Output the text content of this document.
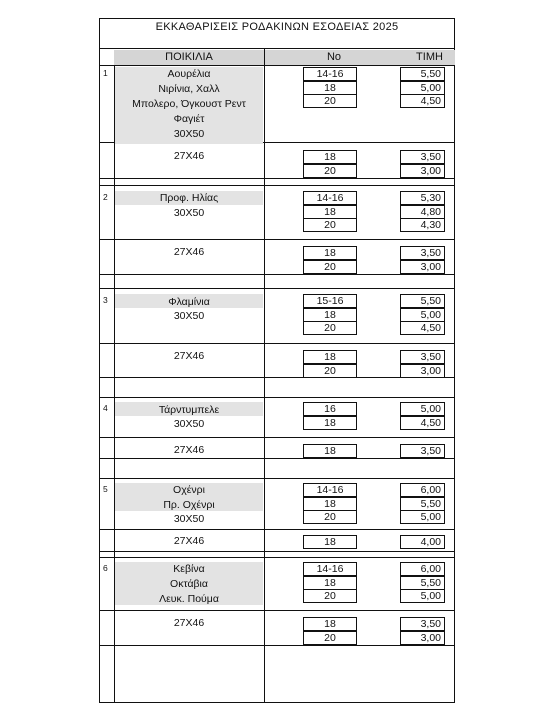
ΕΚΚΑΘΑΡΙΣΕΙΣ ΡΟΔΑΚΙΝΩΝ ΕΣΟΔΕΙΑΣ 2025
ΠΟΙΚΙΛΙΑ	No	ΤΙΜΗ
1	Αουρέλια
Νιρίνια, Χαλλ
Μπολερο, Όγκουστ Ρεντ
Φαγιέτ
30Χ50
14-16	5,50
18	5,00
20	4,50
27Χ46	18	3,50
20	3,00
2	Προφ. Ηλίας
30Χ50
14-16	5,30
18	4,80
20	4,30
27Χ46	18	3,50
20	3,00
3	Φλαμίνια
30Χ50
15-16	5,50
18	5,00
20	4,50
27Χ46	18	3,50
20	3,00
4	Τάρντυμπελε
30Χ50
16	5,00
18	4,50
27Χ46	18	3,50
5	Οχένρι
Πρ. Οχένρι
30Χ50
14-16	6,00
18	5,50
20	5,00
27Χ46	18	4,00
6	Κεβίνα
Οκτάβια
Λευκ. Πούμα
14-16	6,00
18	5,50
20	5,00
27Χ46	18	3,50
20	3,00
